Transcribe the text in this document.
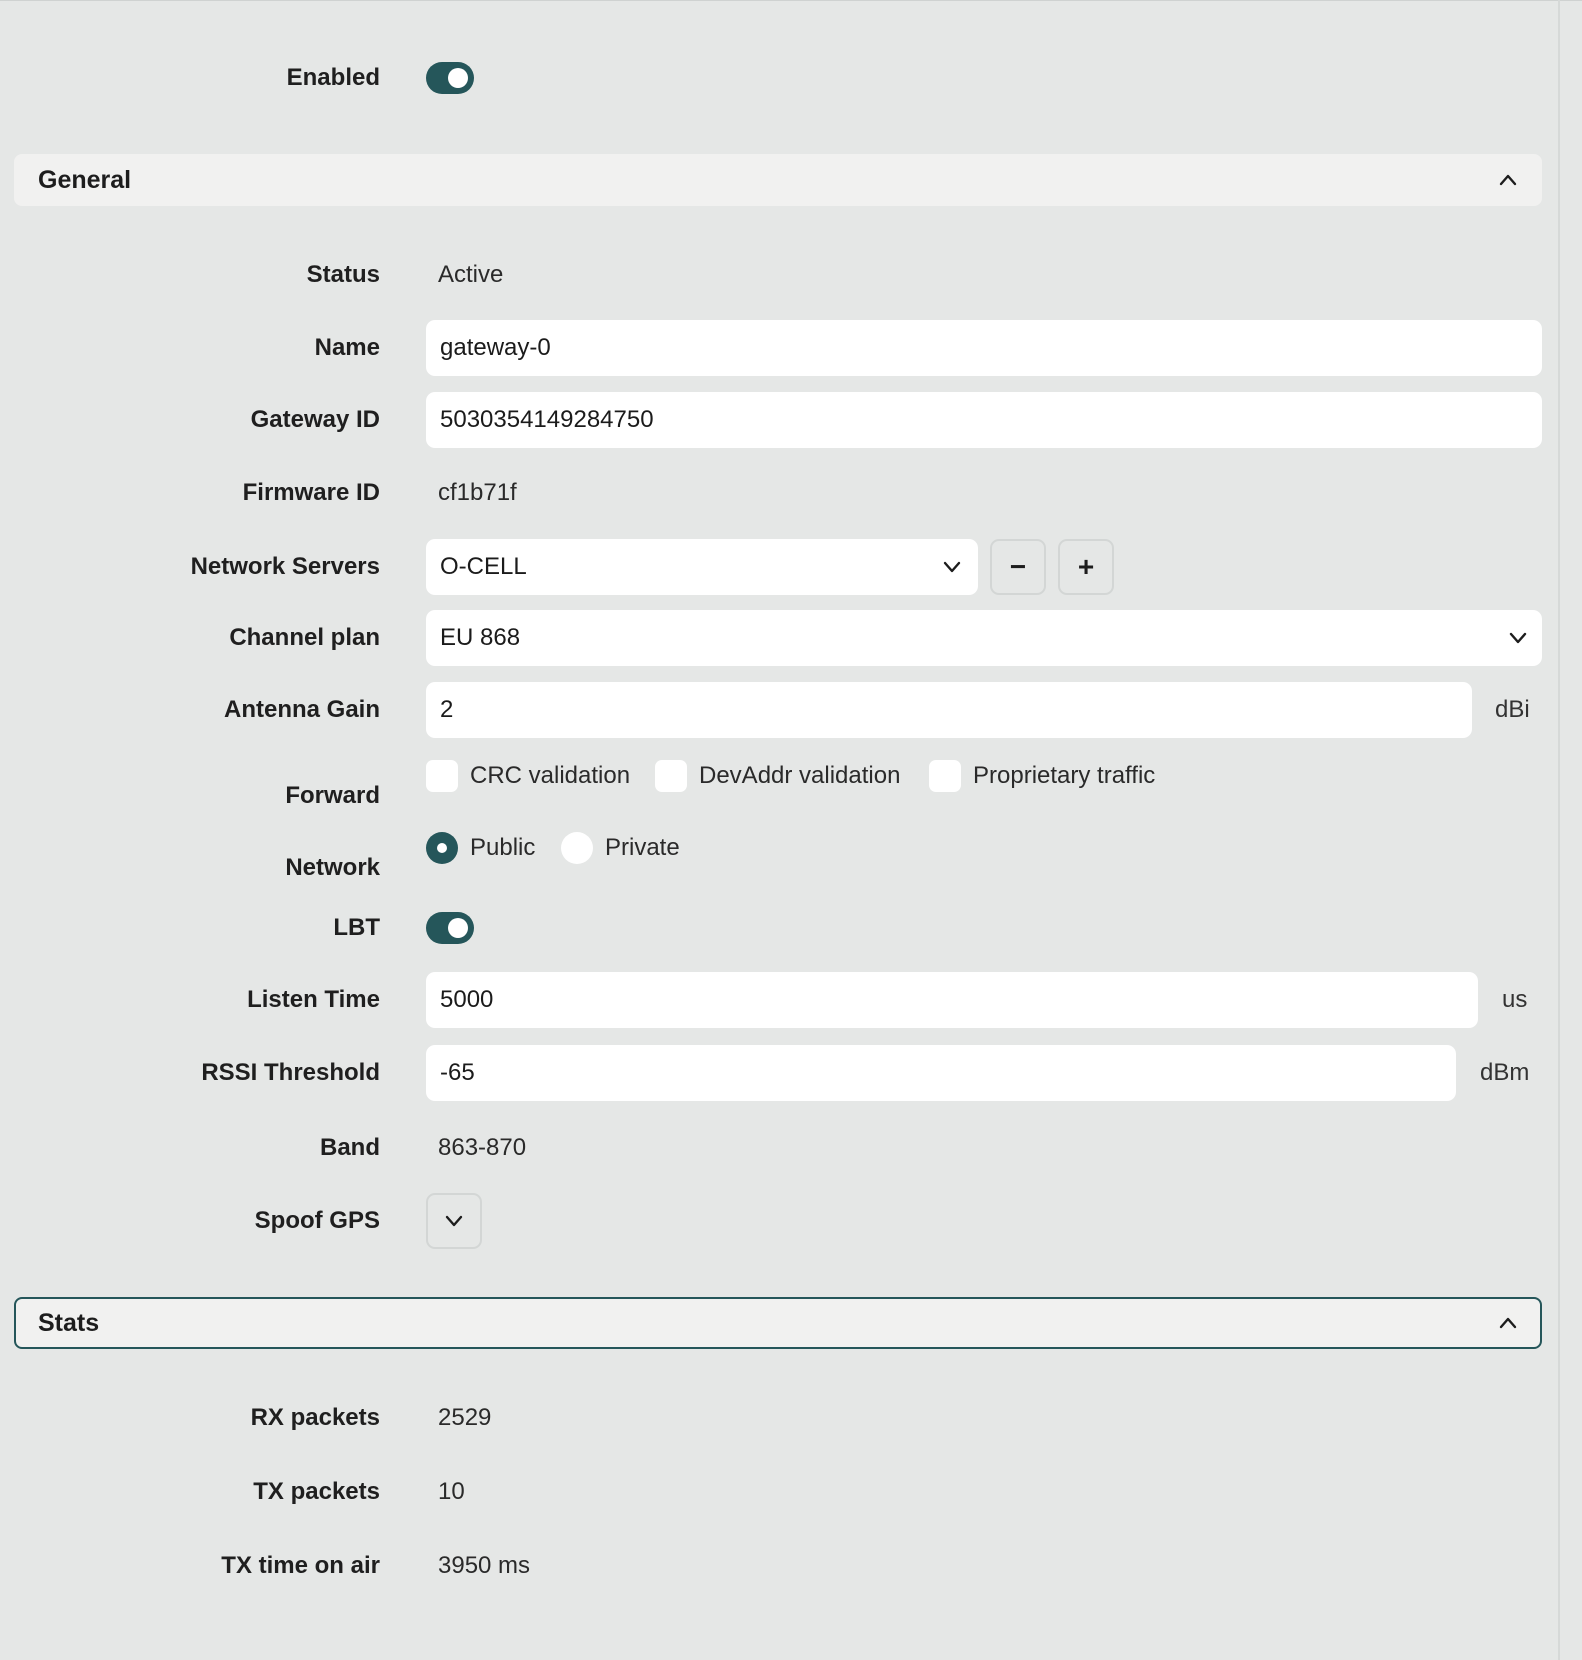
Enabled
General
Status Active
Name	gateway-0
Gateway ID	5030354149284750
Firmware ID cf1b71f
Network Servers	O-CELL	−	+
Channel plan	EU 868
Antenna Gain	2	dBi
Forward
CRC validation	DevAddr validation	Proprietary traffic
Network
Public	Private
LBT
Listen Time	5000	us
RSSI Threshold	-65	dBm
Band 863-870
Spoof GPS
Stats
RX packets 2529
TX packets 10
TX time on air 3950 ms
